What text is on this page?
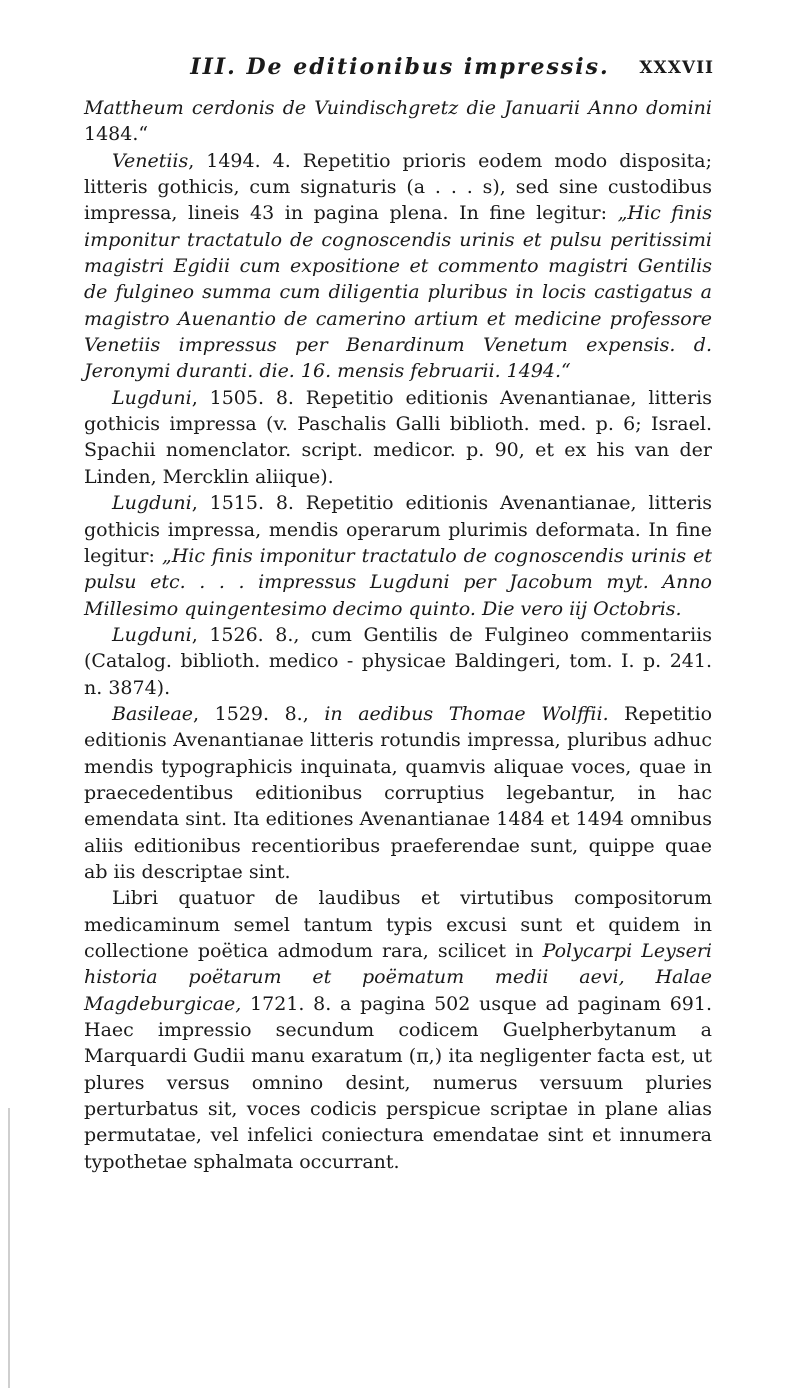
III. De editionibus impressis.	XXXVII

Mattheum cerdonis de Vuindischgretz die Januarii Anno domini 1484.“

Venetiis, 1494. 4. Repetitio prioris eodem modo disposita; litteris gothicis, cum signaturis (a . . . s), sed sine custodibus impressa, lineis 43 in pagina plena. In fine legitur: „Hic finis imponitur tractatulo de cognoscendis urinis et pulsu peritissimi magistri Egidii cum expositione et commento magistri Gentilis de fulgineo summa cum diligentia pluribus in locis castigatus a magistro Auenantio de camerino artium et medicine professore Venetiis impressus per Benardinum Venetum expensis. d. Jeronymi duranti. die. 16. mensis februarii. 1494.“

Lugduni, 1505. 8. Repetitio editionis Avenantianae, litteris gothicis impressa (v. Paschalis Galli biblioth. med. p. 6; Israel. Spachii nomenclator. script. medicor. p. 90, et ex his van der Linden, Mercklin aliique).

Lugduni, 1515. 8. Repetitio editionis Avenantianae, litteris gothicis impressa, mendis operarum plurimis deformata. In fine legitur: „Hic finis imponitur tractatulo de cognoscendis urinis et pulsu etc. . . . impressus Lugduni per Jacobum myt. Anno Millesimo quingentesimo decimo quinto. Die vero iij Octobris.

Lugduni, 1526. 8., cum Gentilis de Fulgineo commentariis (Catalog. biblioth. medico - physicae Baldingeri, tom. I. p. 241. n. 3874).

Basileae, 1529. 8., in aedibus Thomae Wolffii. Repetitio editionis Avenantianae litteris rotundis impressa, pluribus adhuc mendis typographicis inquinata, quamvis aliquae voces, quae in praecedentibus editionibus corruptius legebantur, in hac emendata sint. Ita editiones Avenantianae 1484 et 1494 omnibus aliis editionibus recentioribus praeferendae sunt, quippe quae ab iis descriptae sint.

Libri quatuor de laudibus et virtutibus compositorum medicaminum semel tantum typis excusi sunt et quidem in collectione poëtica admodum rara, scilicet in Polycarpi Leyseri historia poëtarum et poëmatum medii aevi, Halae Magdeburgicae, 1721. 8. a pagina 502 usque ad paginam 691. Haec impressio secundum codicem Guelpherbytanum a Marquardi Gudii manu exaratum (π,) ita negligenter facta est, ut plures versus omnino desint, numerus versuum pluries perturbatus sit, voces codicis perspicue scriptae in plane alias permutatae, vel infelici coniectura emendatae sint et innumera typothetae sphalmata occurrant.
